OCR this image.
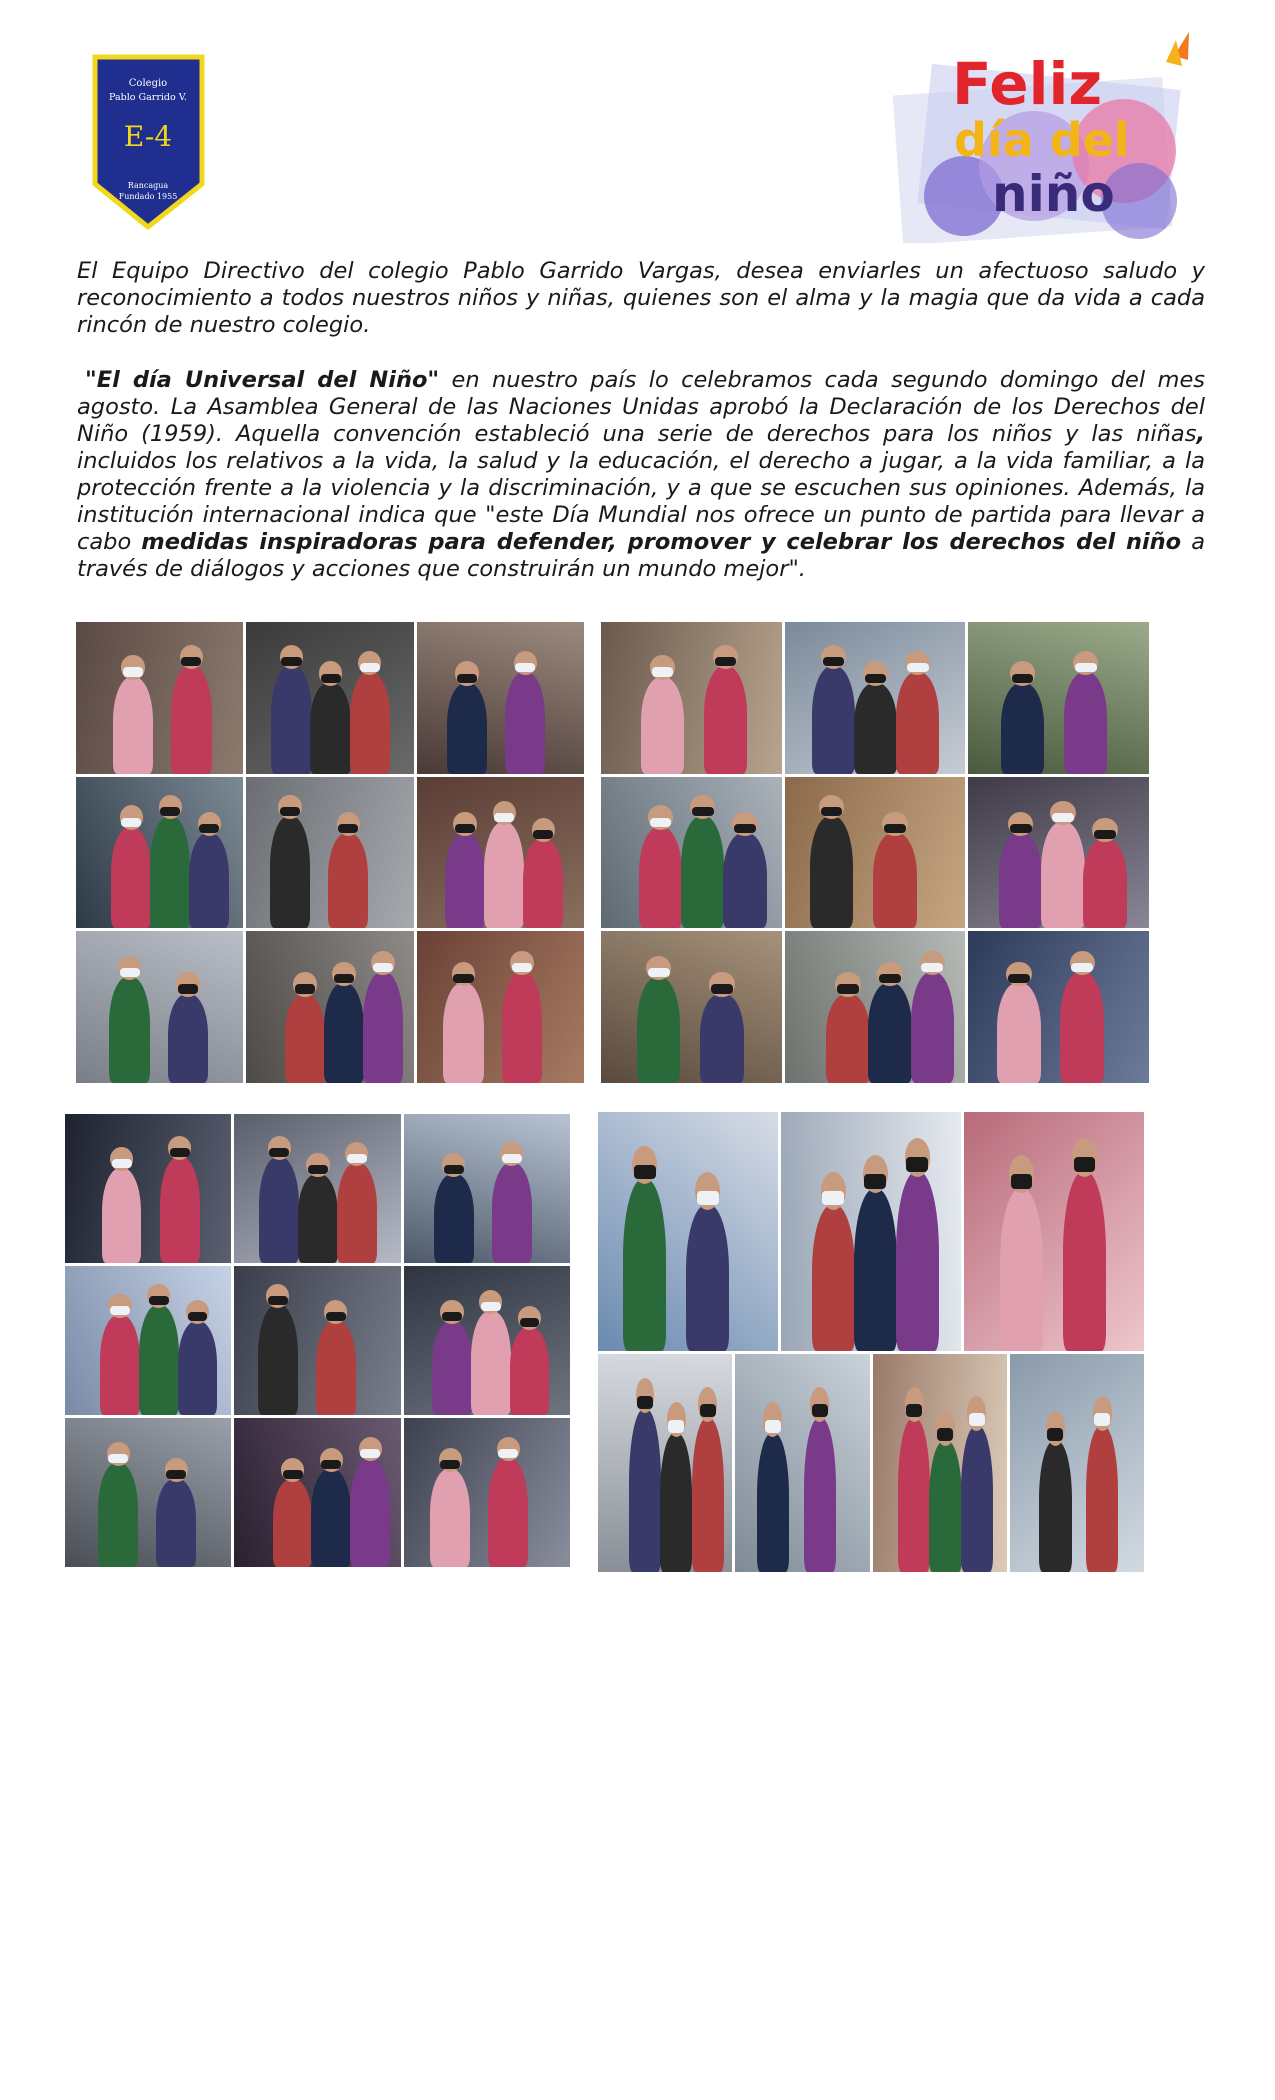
Colegio
Pablo Garrido V.
E-4
Rancagua
Fundado 1955
Feliz
día del
niño

El Equipo Directivo del colegio Pablo Garrido Vargas, desea enviarles un afectuoso saludo y reconocimiento a todos nuestros niños y niñas, quienes son el alma y la magia que da vida a cada rincón de nuestro colegio.

"El día Universal del Niño" en nuestro país lo celebramos cada segundo domingo del mes agosto. La Asamblea General de las Naciones Unidas aprobó la Declaración de los Derechos del Niño (1959). Aquella convención estableció una serie de derechos para los niños y las niñas, incluidos los relativos a la vida, la salud y la educación, el derecho a jugar, a la vida familiar, a la protección frente a la violencia y la discriminación, y a que se escuchen sus opiniones. Además, la institución internacional indica que "este Día Mundial nos ofrece un punto de partida para llevar a cabo medidas inspiradoras para defender, promover y celebrar los derechos del niño a través de diálogos y acciones que construirán un mundo mejor".
